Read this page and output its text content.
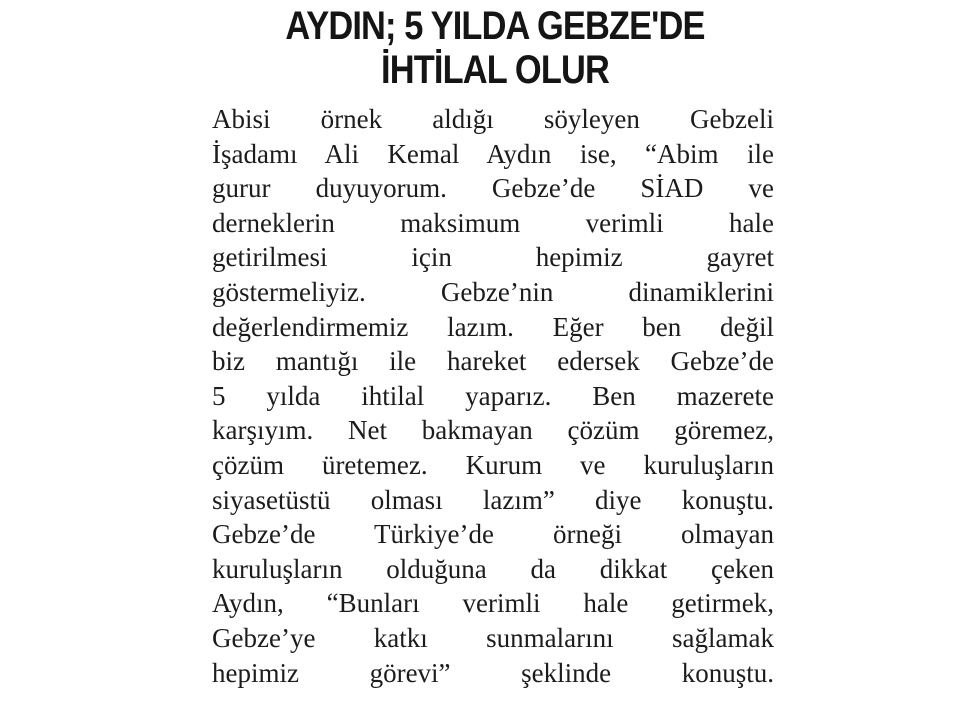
AYDIN; 5 YILDA GEBZE'DE
İHTİLAL OLUR
Abisi örnek aldığı söyleyen Gebzeli
İşadamı Ali Kemal Aydın ise, “Abim ile
gurur duyuyorum. Gebze’de SİAD ve
derneklerin maksimum verimli hale
getirilmesi için hepimiz gayret
göstermeliyiz. Gebze’nin dinamiklerini
değerlendirmemiz lazım. Eğer ben değil
biz mantığı ile hareket edersek Gebze’de
5 yılda ihtilal yaparız. Ben mazerete
karşıyım. Net bakmayan çözüm göremez,
çözüm üretemez. Kurum ve kuruluşların
siyasetüstü olması lazım” diye konuştu.
Gebze’de Türkiye’de örneği olmayan
kuruluşların olduğuna da dikkat çeken
Aydın, “Bunları verimli hale getirmek,
Gebze’ye katkı sunmalarını sağlamak
hepimiz görevi” şeklinde konuştu.
